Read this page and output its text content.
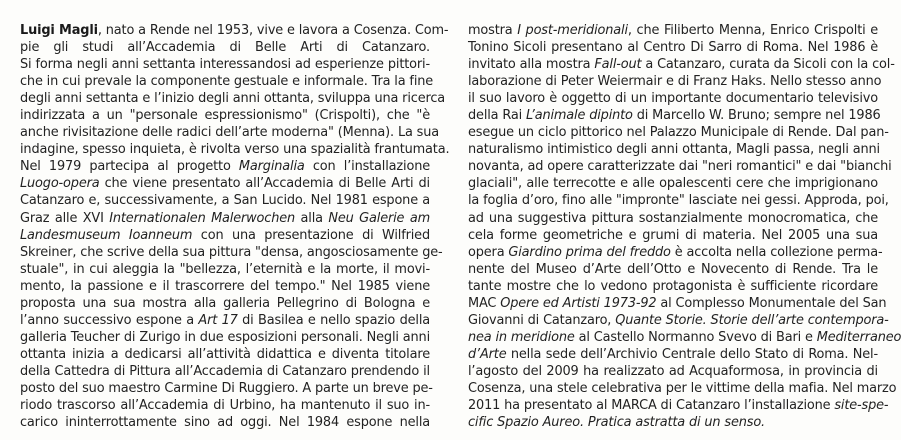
Luigi Magli, nato a Rende nel 1953, vive e lavora a Cosenza. Com-
pie gli studi all’Accademia di Belle Arti di Catanzaro.
Si forma negli anni settanta interessandosi ad esperienze pittori-
che in cui prevale la componente gestuale e informale. Tra la fine
degli anni settanta e l’inizio degli anni ottanta, sviluppa una ricerca
indirizzata a un "personale espressionismo" (Crispolti), che "è
anche rivisitazione delle radici dell’arte moderna" (Menna). La sua
indagine, spesso inquieta, è rivolta verso una spazialità frantumata.
Nel 1979 partecipa al progetto Marginalia con l’installazione
Luogo-opera che viene presentato all’Accademia di Belle Arti di
Catanzaro e, successivamente, a San Lucido. Nel 1981 espone a
Graz alle XVI Internationalen Malerwochen alla Neu Galerie am
Landesmuseum Ioanneum con una presentazione di Wilfried
Skreiner, che scrive della sua pittura "densa, angosciosamente ge-
stuale", in cui aleggia la "bellezza, l’eternità e la morte, il movi-
mento, la passione e il trascorrere del tempo." Nel 1985 viene
proposta una sua mostra alla galleria Pellegrino di Bologna e
l’anno successivo espone a Art 17 di Basilea e nello spazio della
galleria Teucher di Zurigo in due esposizioni personali. Negli anni
ottanta inizia a dedicarsi all’attività didattica e diventa titolare
della Cattedra di Pittura all’Accademia di Catanzaro prendendo il
posto del suo maestro Carmine Di Ruggiero. A parte un breve pe-
riodo trascorso all’Accademia di Urbino, ha mantenuto il suo in-
carico ininterrottamente sino ad oggi. Nel 1984 espone nella

mostra I post-meridionali, che Filiberto Menna, Enrico Crispolti e
Tonino Sicoli presentano al Centro Di Sarro di Roma. Nel 1986 è
invitato alla mostra Fall-out a Catanzaro, curata da Sicoli con la col-
laborazione di Peter Weiermair e di Franz Haks. Nello stesso anno
il suo lavoro è oggetto di un importante documentario televisivo
della Rai L’animale dipinto di Marcello W. Bruno; sempre nel 1986
esegue un ciclo pittorico nel Palazzo Municipale di Rende. Dal pan-
naturalismo intimistico degli anni ottanta, Magli passa, negli anni
novanta, ad opere caratterizzate dai "neri romantici" e dai "bianchi
glaciali", alle terrecotte e alle opalescenti cere che imprigionano
la foglia d’oro, fino alle "impronte" lasciate nei gessi. Approda, poi,
ad una suggestiva pittura sostanzialmente monocromatica, che
cela forme geometriche e grumi di materia. Nel 2005 una sua
opera Giardino prima del freddo è accolta nella collezione perma-
nente del Museo d’Arte dell’Otto e Novecento di Rende. Tra le
tante mostre che lo vedono protagonista è sufficiente ricordare
MAC Opere ed Artisti 1973-92 al Complesso Monumentale del San
Giovanni di Catanzaro, Quante Storie. Storie dell’arte contempora-
nea in meridione al Castello Normanno Svevo di Bari e Mediterraneo
d’Arte nella sede dell’Archivio Centrale dello Stato di Roma. Nel-
l’agosto del 2009 ha realizzato ad Acquaformosa, in provincia di
Cosenza, una stele celebrativa per le vittime della mafia. Nel marzo
2011 ha presentato al MARCA di Catanzaro l’installazione site-spe-
cific Spazio Aureo. Pratica astratta di un senso.
